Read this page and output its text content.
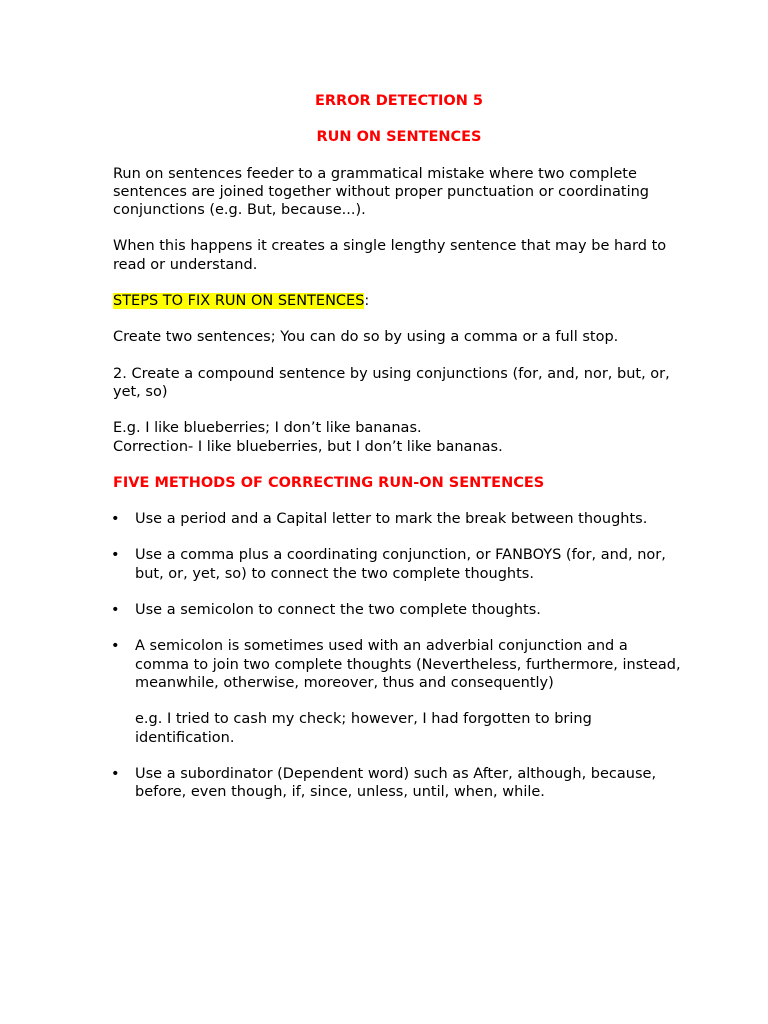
ERROR DETECTION 5
RUN ON SENTENCES

Run on sentences feeder to a grammatical mistake where two complete sentences are joined together without proper punctuation or coordinating conjunctions (e.g. But, because...).

When this happens it creates a single lengthy sentence that may be hard to read or understand.

STEPS TO FIX RUN ON SENTENCES:

Create two sentences; You can do so by using a comma or a full stop.

2. Create a compound sentence by using conjunctions (for, and, nor, but, or, yet, so)

E.g. I like blueberries; I don’t like bananas.

Correction- I like blueberries, but I don’t like bananas.

FIVE METHODS OF CORRECTING RUN-ON SENTENCES
• Use a period and a Capital letter to mark the break between thoughts.
• Use a comma plus a coordinating conjunction, or FANBOYS (for, and, nor, but, or, yet, so) to connect the two complete thoughts.
• Use a semicolon to connect the two complete thoughts.
• A semicolon is sometimes used with an adverbial conjunction and a comma to join two complete thoughts (Nevertheless, furthermore, instead, meanwhile, otherwise, moreover, thus and consequently)
e.g. I tried to cash my check; however, I had forgotten to bring identification.
• Use a subordinator (Dependent word) such as After, although, because, before, even though, if, since, unless, until, when, while.
